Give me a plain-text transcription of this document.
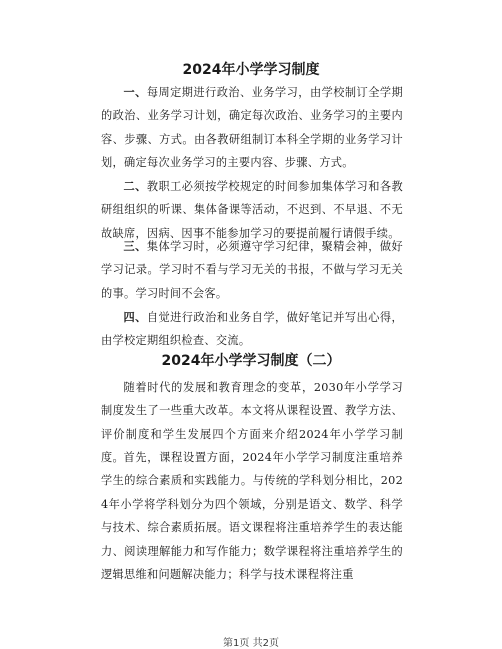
2024年小学学习制度

一、每周定期进行政治、业务学习，由学校制订全学期的政治、业务学习计划，确定每次政治、业务学习的主要内容、步骤、方式。由各教研组制订本科全学期的业务学习计划，确定每次业务学习的主要内容、步骤、方式。

二、教职工必须按学校规定的时间参加集体学习和各教研组组织的听课、集体备课等活动，不迟到、不早退、不无故缺席，因病、因事不能参加学习的要提前履行请假手续。

三、集体学习时，必须遵守学习纪律，聚精会神，做好学习记录。学习时不看与学习无关的书报，不做与学习无关的事。学习时间不会客。

四、自觉进行政治和业务自学，做好笔记并写出心得，由学校定期组织检查、交流。

2024年小学学习制度（二）

随着时代的发展和教育理念的变革，2030年小学学习制度发生了一些重大改革。本文将从课程设置、教学方法、评价制度和学生发展四个方面来介绍2024年小学学习制度。 首先，课程设置方面，2024年小学学习制度注重培养学生的综合素质和实践能力。与传统的学科划分相比，2024年小学将学科划分为四个领域，分别是语文、数学、科学与技术、综合素质拓展。语文课程将注重培养学生的表达能力、阅读理解能力和写作能力；数学课程将注重培养学生的逻辑思维和问题解决能力；科学与技术课程将注重

第1页 共2页
